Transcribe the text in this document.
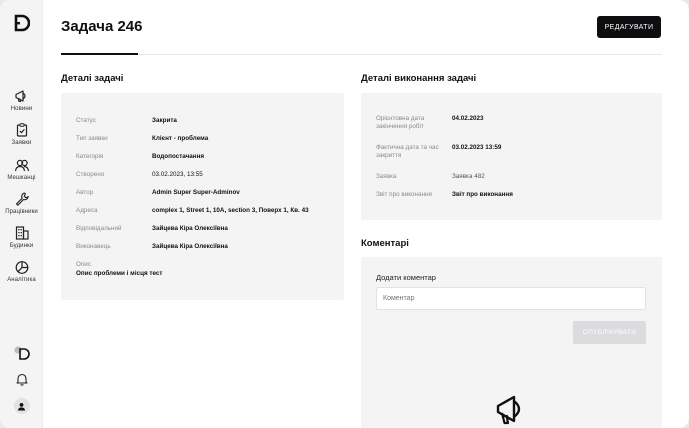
Новини
Заявки
Мешканці
Працівники
Будинки
Аналітика
Задача 246	РЕДАГУВАТИ
Деталі задачі
Статус	Закрита
Тип заявки	Клієнт - проблема
Категорія	Водопостачання
Створено	03.02.2023, 13:55
Автор	Admin Super Super-Adminov
Адреса	complex 1, Street 1, 10A, section 3, Поверх 1, Кв. 43
Відповідальний	Зайцева Кіра Олексіївна
Виконавець	Зайцева Кіра Олексіївна
Опис
Опис проблеми і місця тест
Деталі виконання задачі
Орієнтовна дата закінчення робіт
04.02.2023
Фактична дата та час закриття
03.02.2023 13:59
Заявка	Заявка 482
Звіт про виконання	Звіт про виконання
Коментарі
Додати коментар
Коментар
ОПУБЛІКУВАТИ
